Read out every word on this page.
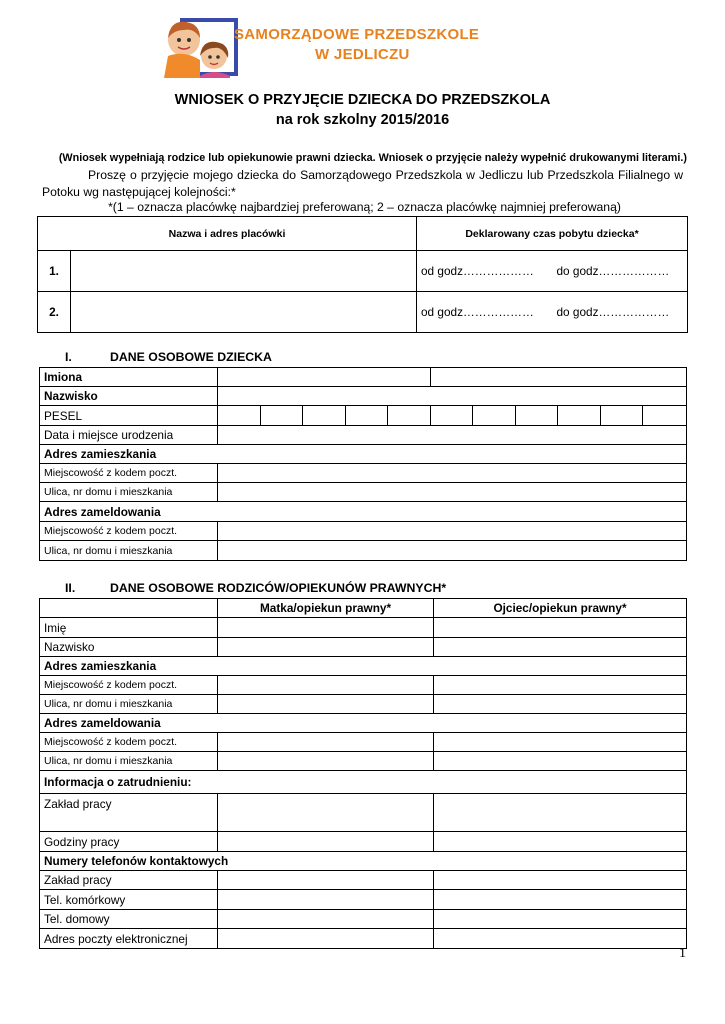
SAMORZĄDOWE PRZEDSZKOLE
W JEDLICZU
WNIOSEK O PRZYJĘCIE DZIECKA DO PRZEDSZKOLA
na rok szkolny 2015/2016
(Wniosek wypełniają rodzice lub opiekunowie prawni dziecka. Wniosek o przyjęcie należy wypełnić drukowanymi literami.)
Proszę o przyjęcie mojego dziecka do Samorządowego Przedszkola w Jedliczu lub Przedszkola Filialnego w Potoku wg następującej kolejności:*
*(1 – oznacza placówkę najbardziej preferowaną; 2 – oznacza placówkę najmniej preferowaną)
Nazwa i adres placówki		Deklarowany czas pobytu dziecka*	
1.		od godz………………	do godz………………
2.		od godz………………	do godz………………
I.	DANE OSOBOWE DZIECKA
Imiona											
Nazwisko											
PESEL											
Data i miejsce urodzenia											
Adres zamieszkania											
Miejscowość z kodem poczt.											
Ulica, nr domu i mieszkania											
Adres zameldowania											
Miejscowość z kodem poczt.											
Ulica, nr domu i mieszkania											
II.	DANE OSOBOWE RODZICÓW/OPIEKUNÓW PRAWNYCH*
	Matka/opiekun prawny*	Ojciec/opiekun prawny*
Imię		
Nazwisko		
Adres zamieszkania		
Miejscowość z kodem poczt.		
Ulica, nr domu i mieszkania		
Adres zameldowania		
Miejscowość z kodem poczt.		
Ulica, nr domu i mieszkania		
Informacja o zatrudnieniu:		
Zakład pracy		
Godziny pracy		
Numery telefonów kontaktowych		
Zakład pracy		
Tel. komórkowy		
Tel. domowy		
Adres poczty elektronicznej		
1
